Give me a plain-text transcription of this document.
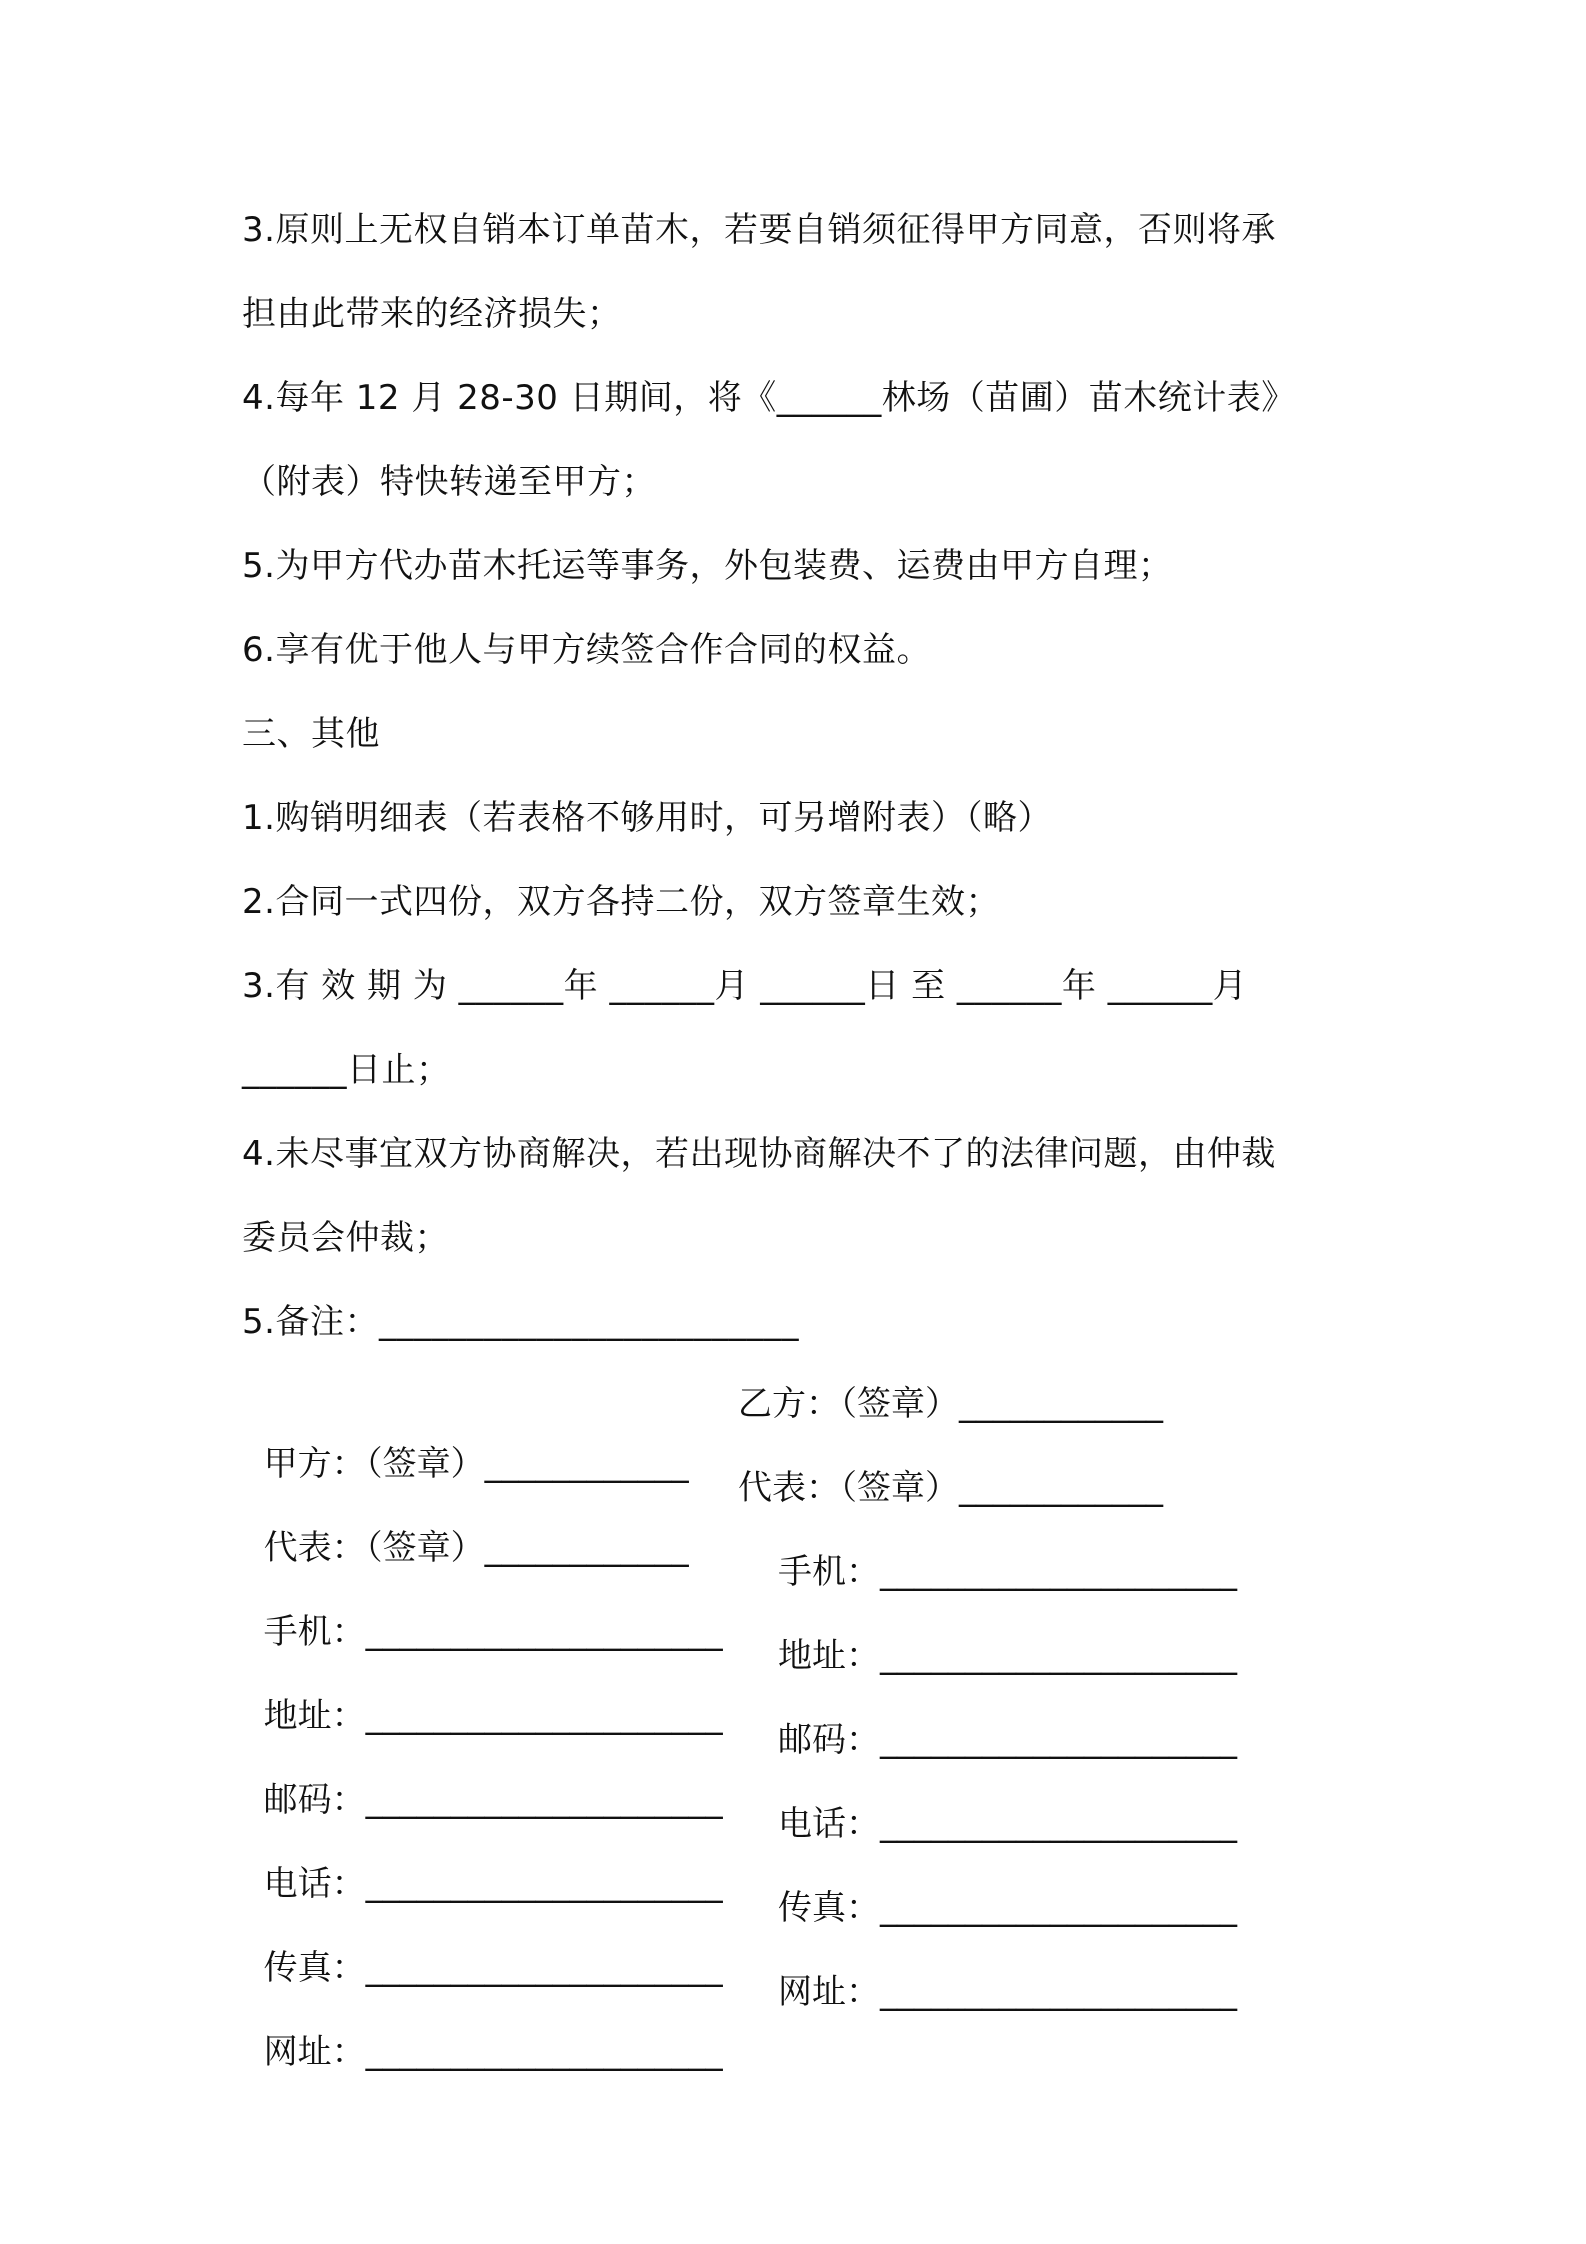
3.原则上无权自销本订单苗木，若要自销须征得甲方同意，否则将承
担由此带来的经济损失；
4.每年 12 月 28-30 日期间，将《______林场（苗圃）苗木统计表》
（附表）特快转递至甲方；
5.为甲方代办苗木托运等事务，外包装费、运费由甲方自理；
6.享有优于他人与甲方续签合作合同的权益。
三、其他
1.购销明细表（若表格不够用时，可另增附表）（略）
2.合同一式四份，双方各持二份，双方签章生效；
3.有 效 期 为 ______年 ______月 ______日 至 ______年 ______月
______日止；
4.未尽事宜双方协商解决，若出现协商解决不了的法律问题，由仲裁
委员会仲裁；
5.备注：________________________

甲方：（签章）____________

乙方：（签章）____________

代表：（签章）____________

代表：（签章）____________

手机：_____________________

手机：_____________________

地址：_____________________

地址：_____________________

邮码：_____________________

邮码：_____________________

电话：_____________________

电话：_____________________

传真：_____________________

传真：_____________________

网址：_____________________

网址：_____________________
